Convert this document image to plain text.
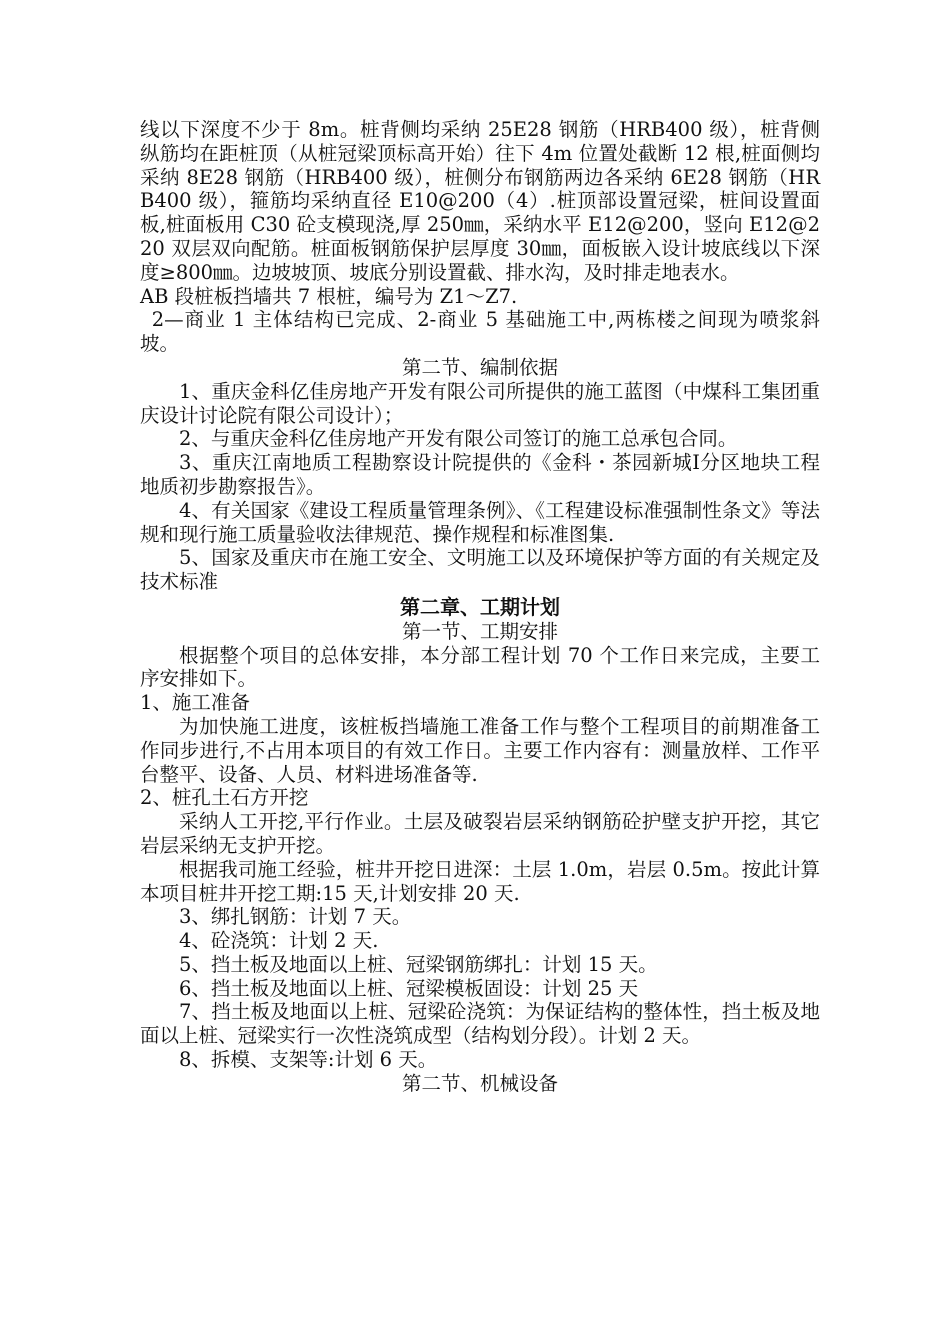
线以下深度不少于 8m。桩背侧均采纳 25E28 钢筋（HRB400 级），桩背侧纵筋均在距桩顶（从桩冠梁顶标高开始）往下 4m 位置处截断 12 根,桩面侧均采纳 8E28 钢筋（HRB400 级），桩侧分布钢筋两边各采纳 6E28 钢筋（HRB400 级），箍筋均采纳直径 E10@200（4）.桩顶部设置冠梁，桩间设置面板,桩面板用 C30 砼支模现浇,厚 250㎜，采纳水平 E12@200，竖向 E12@220 双层双向配筋。桩面板钢筋保护层厚度 30㎜，面板嵌入设计坡底线以下深度≥800㎜。边坡坡顶、坡底分别设置截、排水沟，及时排走地表水。

AB 段桩板挡墙共 7 根桩，编号为 Z1～Z7.

2—商业 1 主体结构已完成、2-商业 5 基础施工中,两栋楼之间现为喷浆斜坡。

第二节、编制依据

1、重庆金科亿佳房地产开发有限公司所提供的施工蓝图（中煤科工集团重庆设计讨论院有限公司设计）；

2、与重庆金科亿佳房地产开发有限公司签订的施工总承包合同。

3、重庆江南地质工程勘察设计院提供的《金科・茶园新城Ⅰ分区地块工程地质初步勘察报告》。

4、有关国家《建设工程质量管理条例》、《工程建设标准强制性条文》等法规和现行施工质量验收法律规范、操作规程和标准图集.

5、国家及重庆市在施工安全、文明施工以及环境保护等方面的有关规定及技术标准

第二章、工期计划

第一节、工期安排

根据整个项目的总体安排，本分部工程计划 70 个工作日来完成，主要工序安排如下。

1、施工准备

为加快施工进度，该桩板挡墙施工准备工作与整个工程项目的前期准备工作同步进行,不占用本项目的有效工作日。主要工作内容有：测量放样、工作平台整平、设备、人员、材料进场准备等.

2、桩孔土石方开挖

采纳人工开挖,平行作业。土层及破裂岩层采纳钢筋砼护壁支护开挖，其它岩层采纳无支护开挖。

根据我司施工经验，桩井开挖日进深：土层 1.0m，岩层 0.5m。按此计算本项目桩井开挖工期:15 天,计划安排 20 天.

3、绑扎钢筋：计划 7 天。

4、砼浇筑：计划 2 天.

5、挡土板及地面以上桩、冠梁钢筋绑扎：计划 15 天。

6、挡土板及地面以上桩、冠梁模板固设：计划 25 天

7、挡土板及地面以上桩、冠梁砼浇筑：为保证结构的整体性，挡土板及地面以上桩、冠梁实行一次性浇筑成型（结构划分段）。计划 2 天。

8、拆模、支架等:计划 6 天。

第二节、机械设备
